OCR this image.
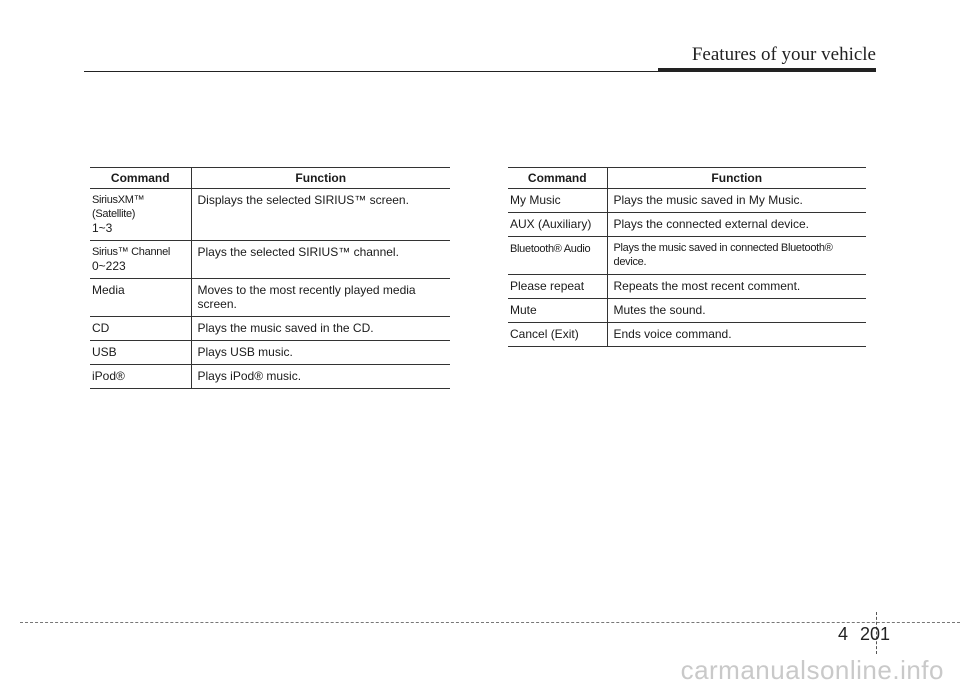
Features of your vehicle
Command	Function

SiriusXM™ (Satellite)
1~3	Displays the selected SIRIUS™ screen.

Sirius™ Channel
0~223	Plays the selected SIRIUS™ channel.
Media	Moves to the most recently played media
screen.

CD	Plays the music saved in the CD.
USB	Plays USB music.
iPod®	Plays iPod® music.
Command	Function
My Music	Plays the music saved in My Music.
AUX (Auxiliary)	Plays the connected external device.
Bluetooth® Audio	Plays the music saved in connected Bluetooth®
device.

Please repeat	Repeats the most recent comment.
Mute	Mutes the sound.
Cancel (Exit)	Ends voice command.
4 201
carmanualsonline.info
